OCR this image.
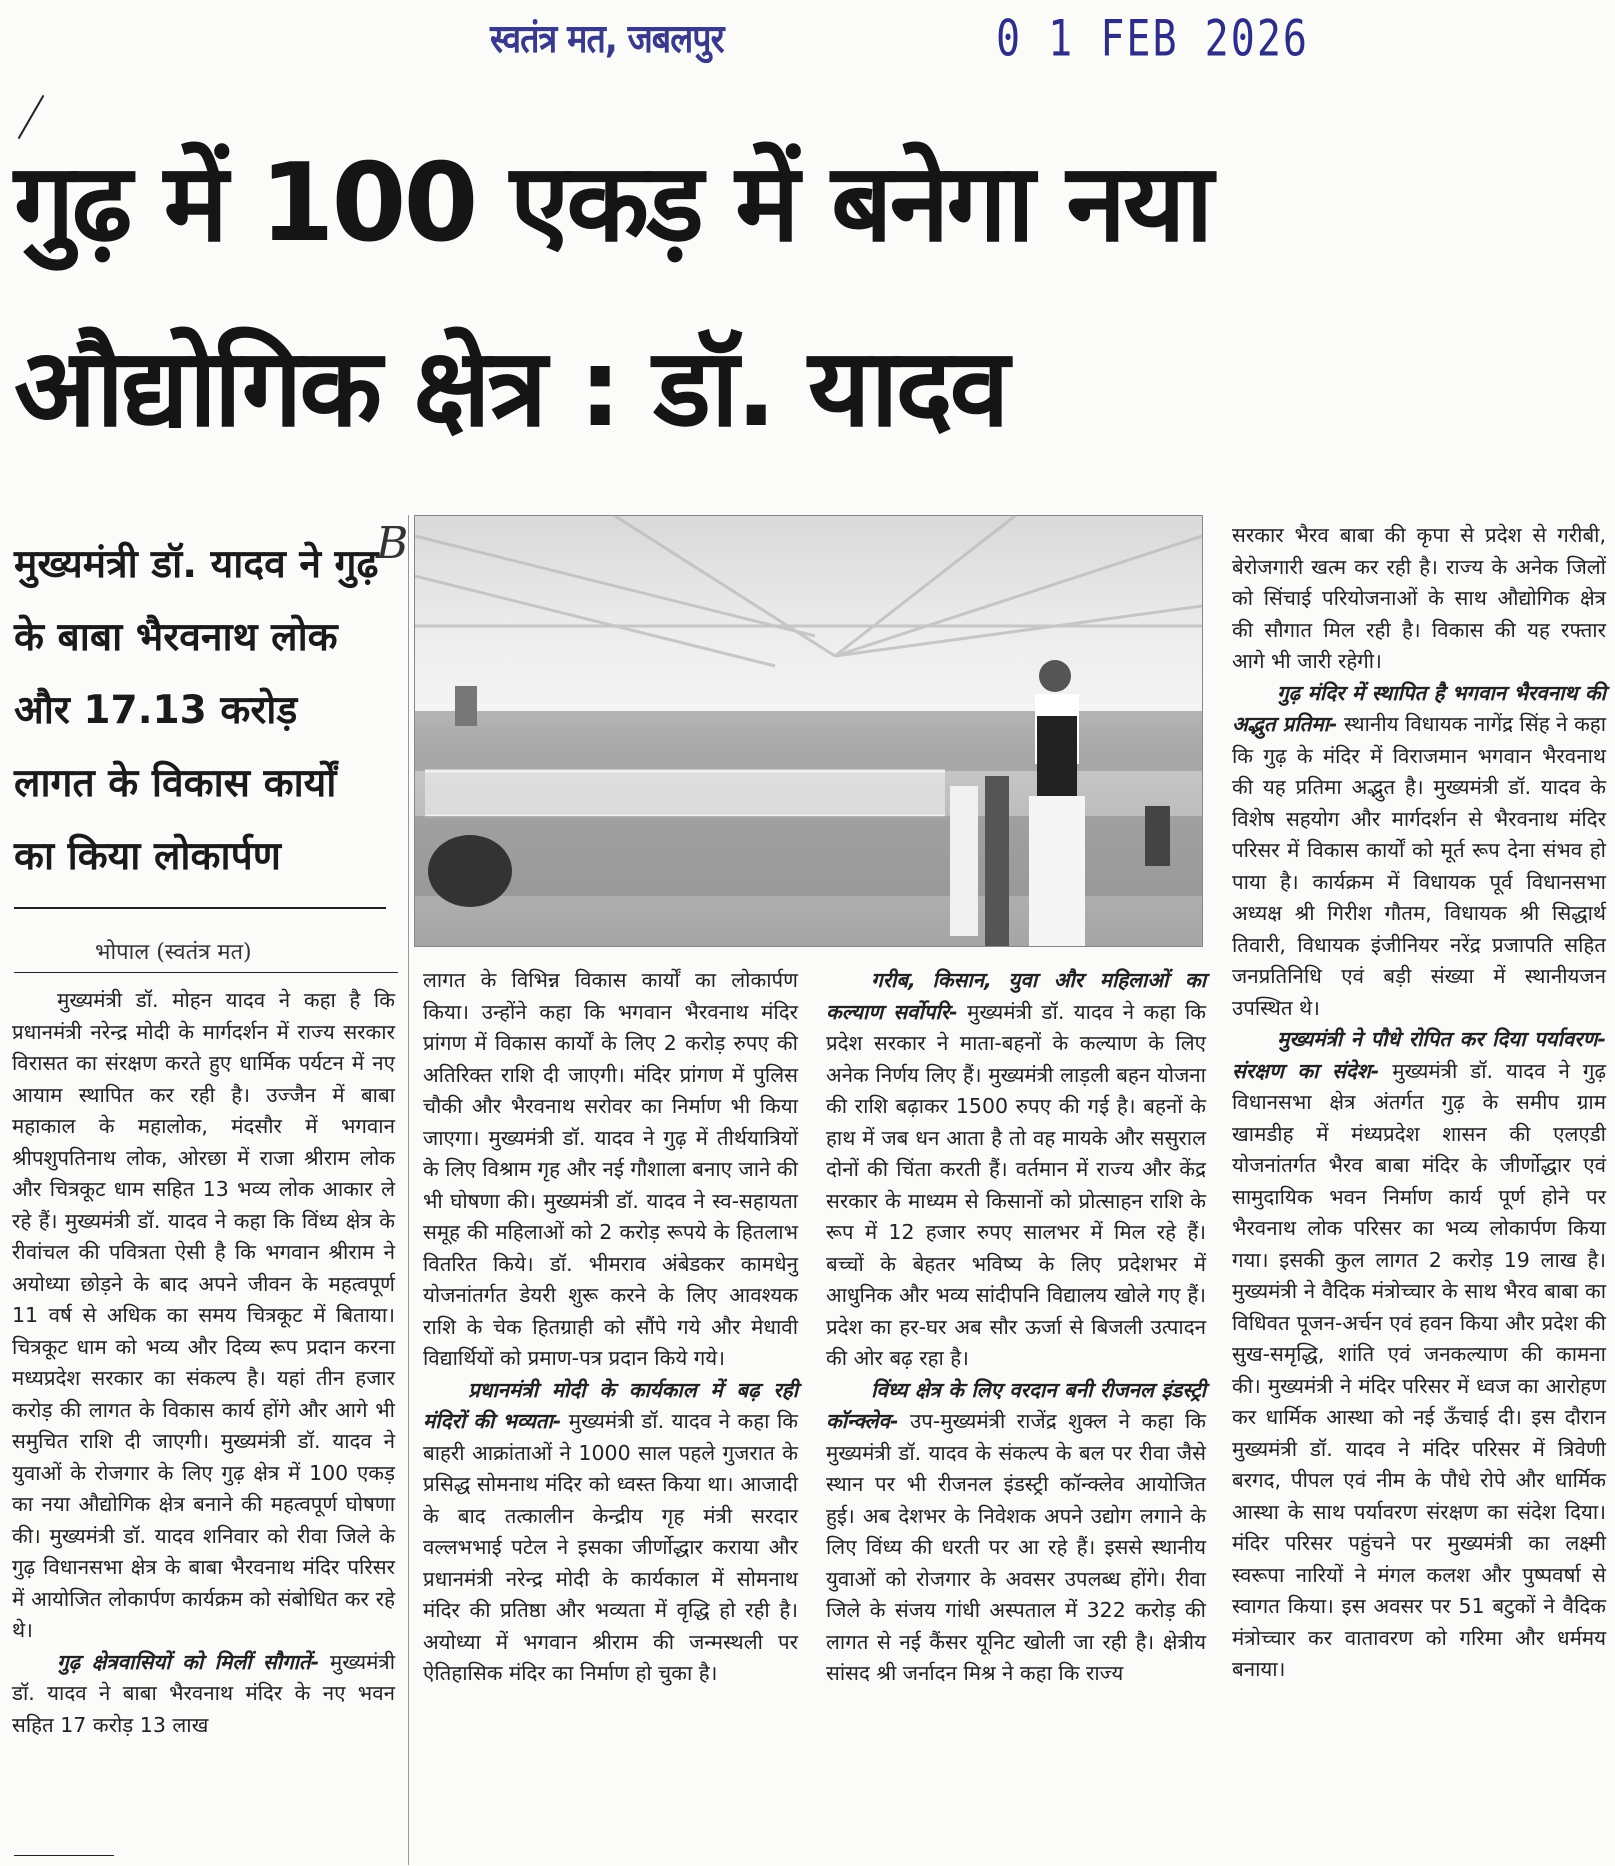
स्वतंत्र मत, जबलपुर	0 1 FEB 2026
गुढ़ में 100 एकड़ में बनेगा नया
औद्योगिक क्षेत्र : डॉ. यादव
मुख्यमंत्री डॉ. यादव ने गुढ़ के बाबा भैरवनाथ लोक और 17.13 करोड़ लागत के विकास कार्यों का किया लोकार्पण
B
भोपाल (स्वतंत्र मत)

मुख्यमंत्री डॉ. मोहन यादव ने कहा है कि प्रधानमंत्री नरेन्द्र मोदी के मार्गदर्शन में राज्य सरकार विरासत का संरक्षण करते हुए धार्मिक पर्यटन में नए आयाम स्थापित कर रही है। उज्जैन में बाबा महाकाल के महालोक, मंदसौर में भगवान श्रीपशुपतिनाथ लोक, ओरछा में राजा श्रीराम लोक और चित्रकूट धाम सहित 13 भव्य लोक आकार ले रहे हैं। मुख्यमंत्री डॉ. यादव ने कहा कि विंध्य क्षेत्र के रीवांचल की पवित्रता ऐसी है कि भगवान श्रीराम ने अयोध्या छोड़ने के बाद अपने जीवन के महत्वपूर्ण 11 वर्ष से अधिक का समय चित्रकूट में बिताया। चित्रकूट धाम को भव्य और दिव्य रूप प्रदान करना मध्यप्रदेश सरकार का संकल्प है। यहां तीन हजार करोड़ की लागत के विकास कार्य होंगे और आगे भी समुचित राशि दी जाएगी। मुख्यमंत्री डॉ. यादव ने युवाओं के रोजगार के लिए गुढ़ क्षेत्र में 100 एकड़ का नया औद्योगिक क्षेत्र बनाने की महत्वपूर्ण घोषणा की। मुख्यमंत्री डॉ. यादव शनिवार को रीवा जिले के गुढ़ विधानसभा क्षेत्र के बाबा भैरवनाथ मंदिर परिसर में आयोजित लोकार्पण कार्यक्रम को संबोधित कर रहे थे।

गुढ़ क्षेत्रवासियों को मिलीं सौगातें- मुख्यमंत्री डॉ. यादव ने बाबा भैरवनाथ मंदिर के नए भवन सहित 17 करोड़ 13 लाख

लागत के विभिन्न विकास कार्यों का लोकार्पण किया। उन्होंने कहा कि भगवान भैरवनाथ मंदिर प्रांगण में विकास कार्यों के लिए 2 करोड़ रुपए की अतिरिक्त राशि दी जाएगी। मंदिर प्रांगण में पुलिस चौकी और भैरवनाथ सरोवर का निर्माण भी किया जाएगा। मुख्यमंत्री डॉ. यादव ने गुढ़ में तीर्थयात्रियों के लिए विश्राम गृह और नई गौशाला बनाए जाने की भी घोषणा की। मुख्यमंत्री डॉ. यादव ने स्व-सहायता समूह की महिलाओं को 2 करोड़ रूपये के हितलाभ वितरित किये। डॉ. भीमराव अंबेडकर कामधेनु योजनांतर्गत डेयरी शुरू करने के लिए आवश्यक राशि के चेक हितग्राही को सौंपे गये और मेधावी विद्यार्थियों को प्रमाण-पत्र प्रदान किये गये।

प्रधानमंत्री मोदी के कार्यकाल में बढ़ रही मंदिरों की भव्यता- मुख्यमंत्री डॉ. यादव ने कहा कि बाहरी आक्रांताओं ने 1000 साल पहले गुजरात के प्रसिद्ध सोमनाथ मंदिर को ध्वस्त किया था। आजादी के बाद तत्कालीन केन्द्रीय गृह मंत्री सरदार वल्लभभाई पटेल ने इसका जीर्णोद्धार कराया और प्रधानमंत्री नरेन्द्र मोदी के कार्यकाल में सोमनाथ मंदिर की प्रतिष्ठा और भव्यता में वृद्धि हो रही है। अयोध्या में भगवान श्रीराम की जन्मस्थली पर ऐतिहासिक मंदिर का निर्माण हो चुका है।

गरीब, किसान, युवा और महिलाओं का कल्याण सर्वोपरि- मुख्यमंत्री डॉ. यादव ने कहा कि प्रदेश सरकार ने माता-बहनों के कल्याण के लिए अनेक निर्णय लिए हैं। मुख्यमंत्री लाड़ली बहन योजना की राशि बढ़ाकर 1500 रुपए की गई है। बहनों के हाथ में जब धन आता है तो वह मायके और ससुराल दोनों की चिंता करती हैं। वर्तमान में राज्य और केंद्र सरकार के माध्यम से किसानों को प्रोत्साहन राशि के रूप में 12 हजार रुपए सालभर में मिल रहे हैं। बच्चों के बेहतर भविष्य के लिए प्रदेशभर में आधुनिक और भव्य सांदीपनि विद्यालय खोले गए हैं। प्रदेश का हर-घर अब सौर ऊर्जा से बिजली उत्पादन की ओर बढ़ रहा है।

विंध्य क्षेत्र के लिए वरदान बनी रीजनल इंडस्ट्री कॉन्क्लेव- उप-मुख्यमंत्री राजेंद्र शुक्ल ने कहा कि मुख्यमंत्री डॉ. यादव के संकल्प के बल पर रीवा जैसे स्थान पर भी रीजनल इंडस्ट्री कॉन्क्लेव आयोजित हुई। अब देशभर के निवेशक अपने उद्योग लगाने के लिए विंध्य की धरती पर आ रहे हैं। इससे स्थानीय युवाओं को रोजगार के अवसर उपलब्ध होंगे। रीवा जिले के संजय गांधी अस्पताल में 322 करोड़ की लागत से नई कैंसर यूनिट खोली जा रही है। क्षेत्रीय सांसद श्री जर्नादन मिश्र ने कहा कि राज्य

सरकार भैरव बाबा की कृपा से प्रदेश से गरीबी, बेरोजगारी खत्म कर रही है। राज्य के अनेक जिलों को सिंचाई परियोजनाओं के साथ औद्योगिक क्षेत्र की सौगात मिल रही है। विकास की यह रफ्तार आगे भी जारी रहेगी।

गुढ़ मंदिर में स्थापित है भगवान भैरवनाथ की अद्भुत प्रतिमा- स्थानीय विधायक नागेंद्र सिंह ने कहा कि गुढ़ के मंदिर में विराजमान भगवान भैरवनाथ की यह प्रतिमा अद्भुत है। मुख्यमंत्री डॉ. यादव के विशेष सहयोग और मार्गदर्शन से भैरवनाथ मंदिर परिसर में विकास कार्यों को मूर्त रूप देना संभव हो पाया है। कार्यक्रम में विधायक पूर्व विधानसभा अध्यक्ष श्री गिरीश गौतम, विधायक श्री सिद्धार्थ तिवारी, विधायक इंजीनियर नरेंद्र प्रजापति सहित जनप्रतिनिधि एवं बड़ी संख्या में स्थानीयजन उपस्थित थे।

मुख्यमंत्री ने पौधे रोपित कर दिया पर्यावरण-संरक्षण का संदेश- मुख्यमंत्री डॉ. यादव ने गुढ़ विधानसभा क्षेत्र अंतर्गत गुढ़ के समीप ग्राम खामडीह में मंध्यप्रदेश शासन की एलएडी योजनांतर्गत भैरव बाबा मंदिर के जीर्णोद्धार एवं सामुदायिक भवन निर्माण कार्य पूर्ण होने पर भैरवनाथ लोक परिसर का भव्य लोकार्पण किया गया। इसकी कुल लागत 2 करोड़ 19 लाख है। मुख्यमंत्री ने वैदिक मंत्रोच्चार के साथ भैरव बाबा का विधिवत पूजन-अर्चन एवं हवन किया और प्रदेश की सुख-समृद्धि, शांति एवं जनकल्याण की कामना की। मुख्यमंत्री ने मंदिर परिसर में ध्वज का आरोहण कर धार्मिक आस्था को नई ऊँचाई दी। इस दौरान मुख्यमंत्री डॉ. यादव ने मंदिर परिसर में त्रिवेणी बरगद, पीपल एवं नीम के पौधे रोपे और धार्मिक आस्था के साथ पर्यावरण संरक्षण का संदेश दिया। मंदिर परिसर पहुंचने पर मुख्यमंत्री का लक्ष्मी स्वरूपा नारियों ने मंगल कलश और पुष्पवर्षा से स्वागत किया। इस अवसर पर 51 बटुकों ने वैदिक मंत्रोच्चार कर वातावरण को गरिमा और धर्ममय बनाया।
